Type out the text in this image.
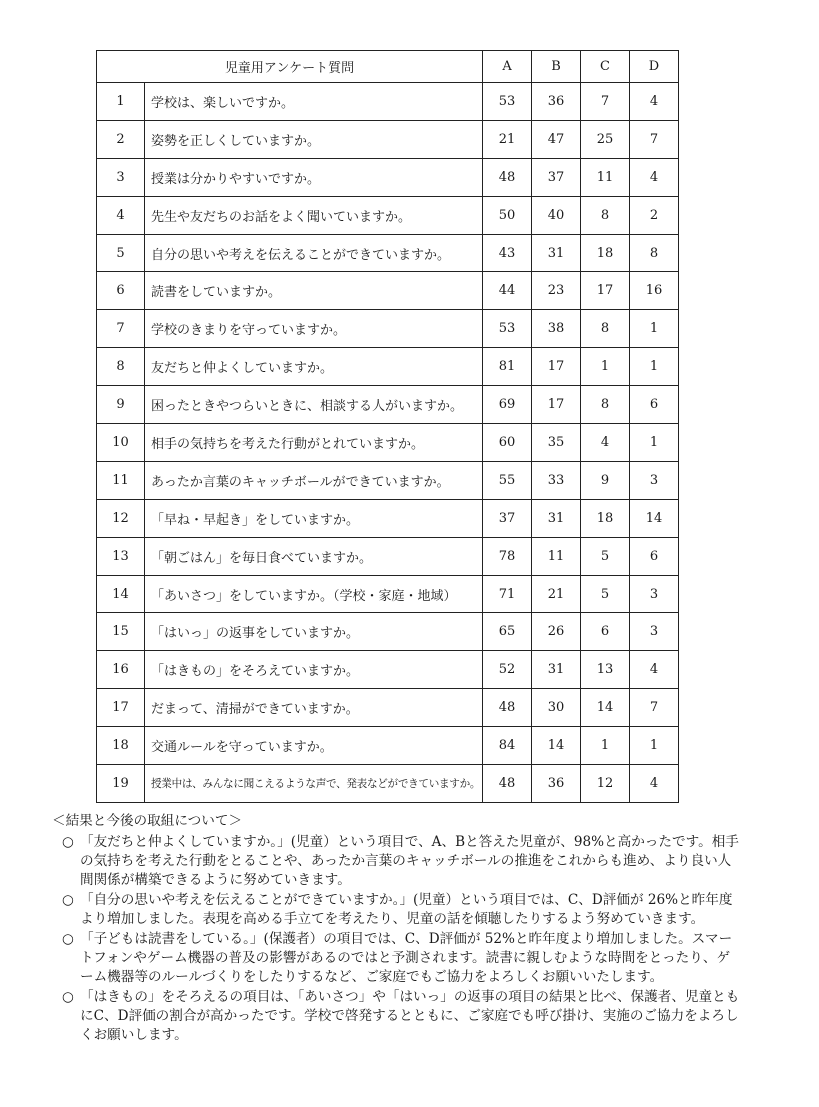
児童用アンケート質問		A	B	C	D
1	学校は、楽しいですか。	53	36	7	4
2	姿勢を正しくしていますか。	21	47	25	7
3	授業は分かりやすいですか。	48	37	11	4
4	先生や友だちのお話をよく聞いていますか。	50	40	8	2
5	自分の思いや考えを伝えることができていますか。	43	31	18	8
6	読書をしていますか。	44	23	17	16
7	学校のきまりを守っていますか。	53	38	8	1
8	友だちと仲よくしていますか。	81	17	1	1
9	困ったときやつらいときに、相談する人がいますか。	69	17	8	6
10	相手の気持ちを考えた行動がとれていますか。	60	35	4	1
11	あったか言葉のキャッチボールができていますか。	55	33	9	3
12	「早ね・早起き」をしていますか。	37	31	18	14
13	「朝ごはん」を毎日食べていますか。	78	11	5	6
14	「あいさつ」をしていますか。（学校・家庭・地域）	71	21	5	3
15	「はいっ」の返事をしていますか。	65	26	6	3
16	「はきもの」をそろえていますか。	52	31	13	4
17	だまって、清掃ができていますか。	48	30	14	7
18	交通ルールを守っていますか。	84	14	1	1
19	授業中は、みんなに聞こえるような声で、発表などができていますか。	48	36	12	4
＜結果と今後の取組について＞
○ 「友だちと仲よくしていますか。」(児童）という項目で、A、Bと答えた児童が、98%と高かったです。相手の気持ちを考えた行動をとることや、あったか言葉のキャッチボールの推進をこれからも進め、より良い人間関係が構築できるように努めていきます。
○ 「自分の思いや考えを伝えることができていますか。」(児童）という項目では、C、D評価が 26%と昨年度より増加しました。表現を高める手立てを考えたり、児童の話を傾聴したりするよう努めていきます。
○ 「子どもは読書をしている。」(保護者）の項目では、C、D評価が 52%と昨年度より増加しました。スマートフォンやゲーム機器の普及の影響があるのではと予測されます。読書に親しむような時間をとったり、ゲーム機器等のルールづくりをしたりするなど、ご家庭でもご協力をよろしくお願いいたします。
○ 「はきもの」をそろえるの項目は、「あいさつ」や「はいっ」の返事の項目の結果と比べ、保護者、児童ともにC、D評価の割合が高かったです。学校で啓発するとともに、ご家庭でも呼び掛け、実施のご協力をよろしくお願いします。
